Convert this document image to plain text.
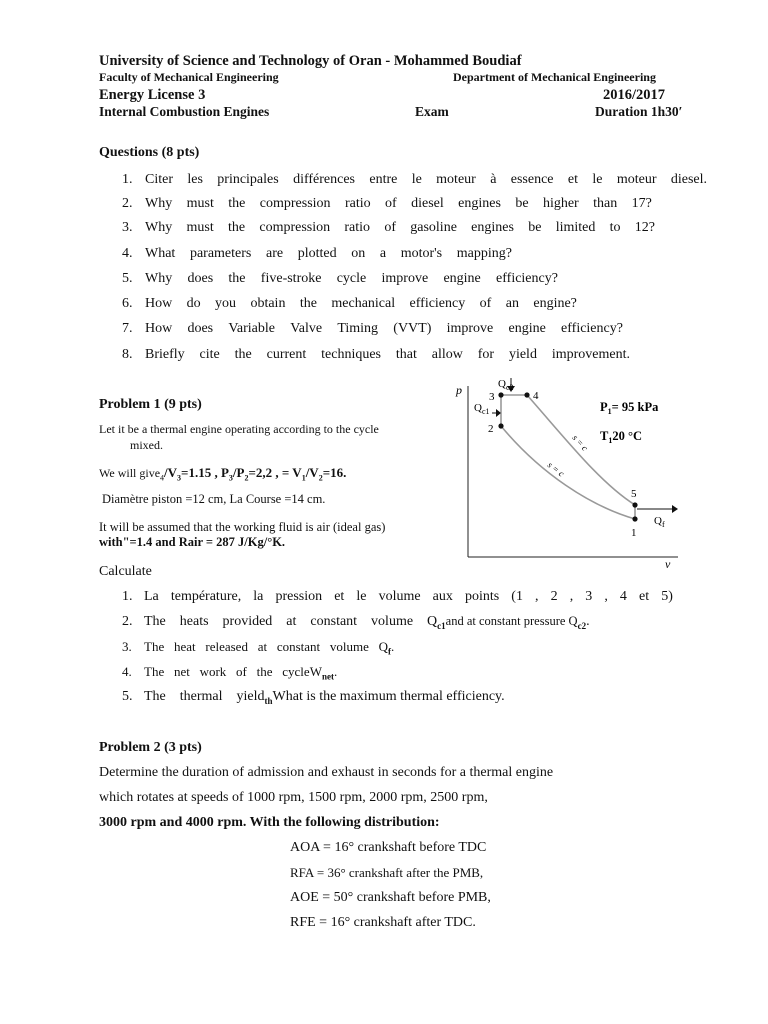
University of Science and Technology of Oran - Mohammed Boudiaf
Faculty of Mechanical Engineering	Department of Mechanical Engineering
Energy License 3	2016/2017
Internal Combustion Engines	Exam	Duration 1h30′
Questions (8 pts)
1. Citer les principales différences entre le moteur à essence et le moteur diesel.
2. Why must the compression ratio of diesel engines be higher than 17?
3. Why must the compression ratio of gasoline engines be limited to 12?
4. What parameters are plotted on a motor's mapping?
5. Why does the five-stroke cycle improve engine efficiency?
6. How do you obtain the mechanical efficiency of an engine?
7. How does Variable Valve Timing (VVT) improve engine efficiency?
8. Briefly cite the current techniques that allow for yield improvement.
Problem 1 (9 pts)
Let it be a thermal engine operating according to the cycle
mixed.
We will $give_4/V_3=1.15$ , $P_3/P_2=2,2$ , = $V_1/V_2=16$.
Diamètre piston =12 cm, La Course =14 cm.
It will be assumed that the working fluid is air (ideal gas)
with"=1.4 and Rair = 287 J/Kg/°K.
p
v
3	4
2
5
1
$Q_{c2}$
$Q_{c1}$
$Q_f$
s = c
s = c
$P_1= 95$ kPa
$T_120$ °C
Calculate
1. La température, la pression et le volume aux points (1 , 2 , 3 , 4 et 5)
2. The    heats    provided    at    constant    volume    $Q_{c1}and$ at constant pressure $Q_{c2}$.
3. The   heat   released   at   constant   volume   $Q_f$.
4. The   net   work   of   the   cycleW$_{net}$.
5. The    thermal    yield$_{th}$What is the maximum thermal efficiency.
Problem 2 (3 pts)
Determine the duration of admission and exhaust in seconds for a thermal engine
which rotates at speeds of 1000 rpm, 1500 rpm, 2000 rpm, 2500 rpm,
3000 rpm and 4000 rpm. With the following distribution:
AOA = 16° crankshaft before TDC
RFA = 36° crankshaft after the PMB,
AOE = 50° crankshaft before PMB,
RFE = 16° crankshaft after TDC.
